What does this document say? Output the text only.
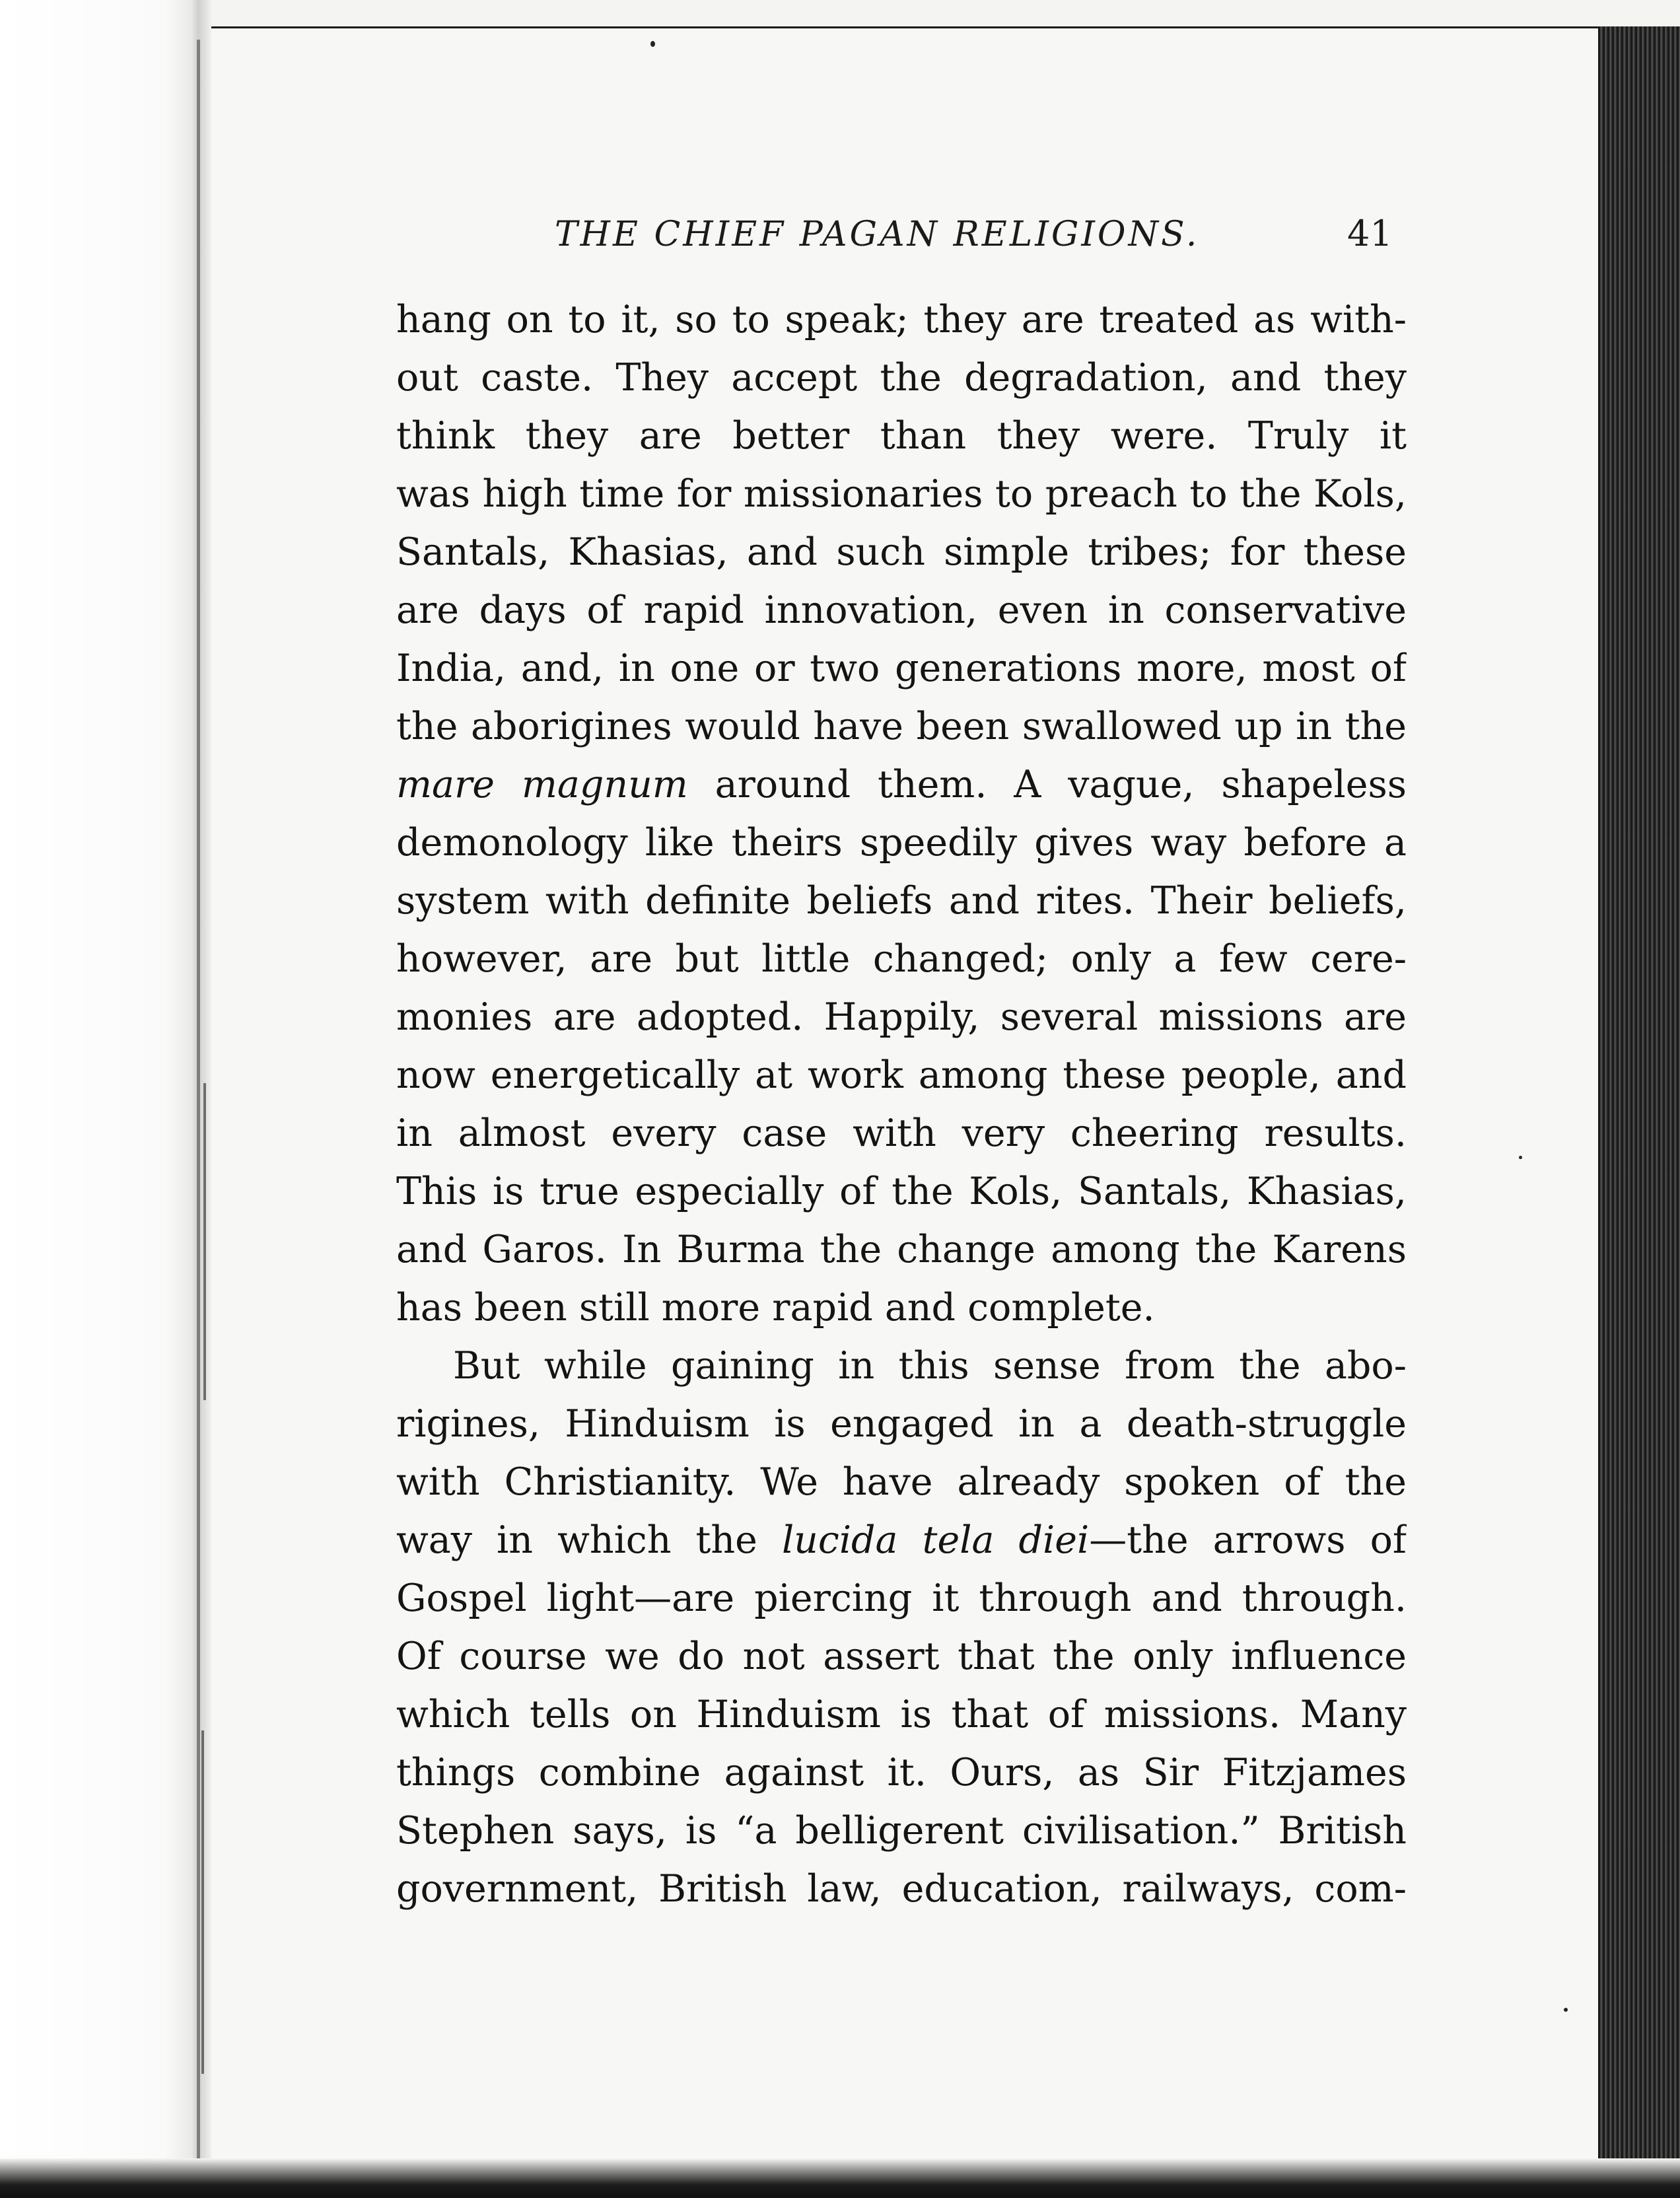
THE CHIEF PAGAN RELIGIONS.	41
hang on to it, so to speak; they are treated as with-
out caste. They accept the degradation, and they
think they are better than they were. Truly it
was high time for missionaries to preach to the Kols,
Santals, Khasias, and such simple tribes; for these
are days of rapid innovation, even in conservative
India, and, in one or two generations more, most of
the aborigines would have been swallowed up in the
mare magnum around them. A vague, shapeless
demonology like theirs speedily gives way before a
system with definite beliefs and rites. Their beliefs,
however, are but little changed; only a few cere-
monies are adopted. Happily, several missions are
now energetically at work among these people, and
in almost every case with very cheering results.
This is true especially of the Kols, Santals, Khasias,
and Garos. In Burma the change among the Karens
has been still more rapid and complete.
But while gaining in this sense from the abo-
rigines, Hinduism is engaged in a death-struggle
with Christianity. We have already spoken of the
way in which the lucida tela diei—the arrows of
Gospel light—are piercing it through and through.
Of course we do not assert that the only influence
which tells on Hinduism is that of missions. Many
things combine against it. Ours, as Sir Fitzjames
Stephen says, is “a belligerent civilisation.” British
government, British law, education, railways, com-
